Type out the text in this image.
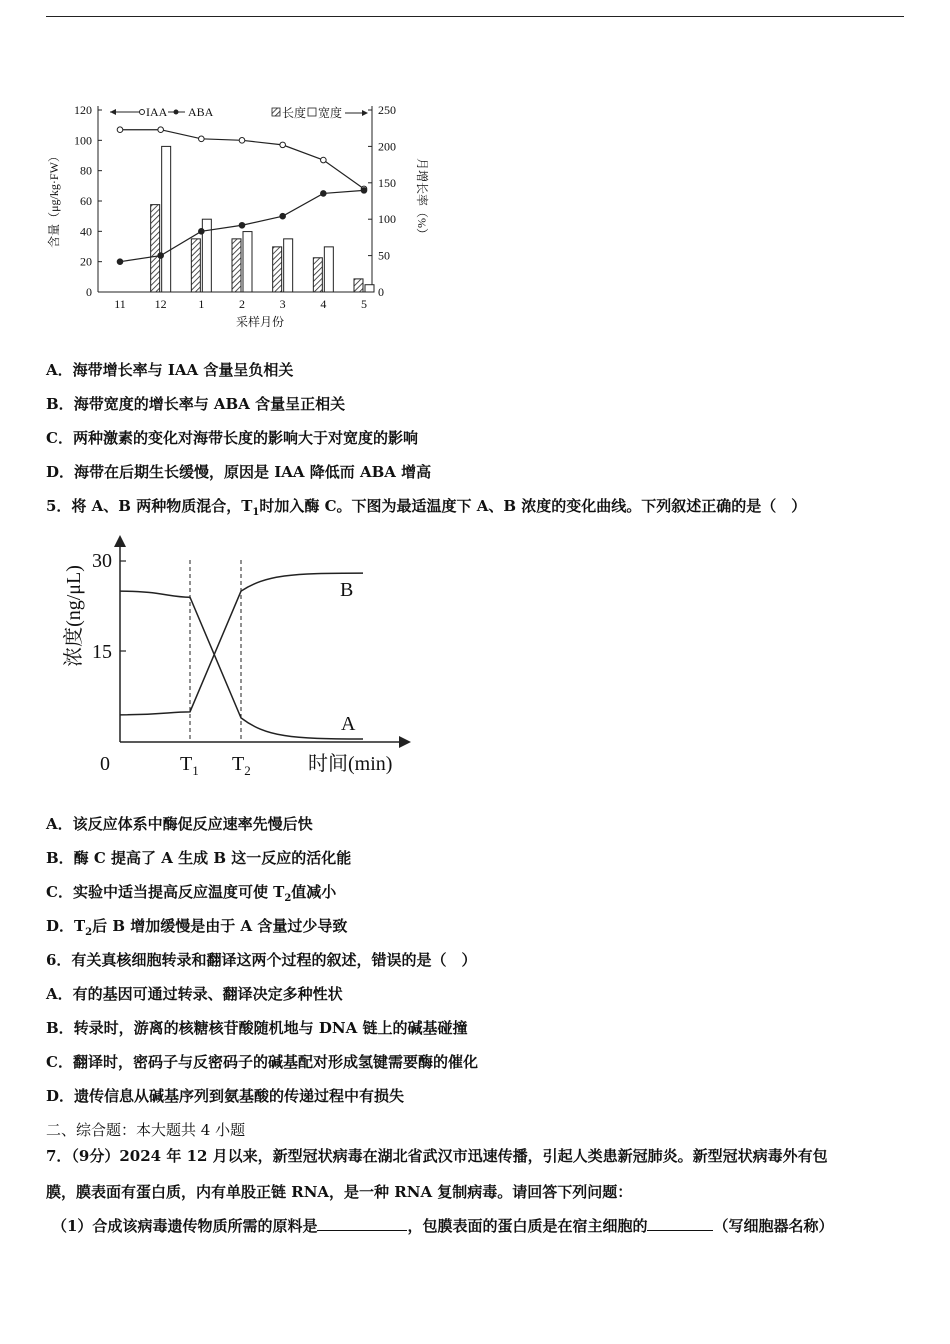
0
20
40
60
80
100
120
0
50
100
150
200
250
11 12	1	2	3	4	5
IAA ABA	长度 宽度
含量（μg/kg·FW）	月增长率（%）
采样月份
A．海带增长率与 IAA 含量呈负相关
B．海带宽度的增长率与 ABA 含量呈正相关
C．两种激素的变化对海带长度的影响大于对宽度的影响
D．海带在后期生长缓慢，原因是 IAA 降低而 ABA 增高
5．将 A、B 两种物质混合，$T_1$时加入酶 C。下图为最适温度下 A、B 浓度的变化曲线。下列叙述正确的是（　）
30
15
浓度(ng/μL)
0	$T_1$ $T_2$	时间(min)
B
A
A．该反应体系中酶促反应速率先慢后快
B．酶 C 提高了 A 生成 B 这一反应的活化能
C．实验中适当提高反应温度可使 $T_2$值减小
D．$T_2$后 B 增加缓慢是由于 A 含量过少导致
6．有关真核细胞转录和翻译这两个过程的叙述，错误的是（　）
A．有的基因可通过转录、翻译决定多种性状
B．转录时，游离的核糖核苷酸随机地与 DNA 链上的碱基碰撞
C．翻译时，密码子与反密码子的碱基配对形成氢键需要酶的催化
D．遗传信息从碱基序列到氨基酸的传递过程中有损失
二、综合题：本大题共 4 小题
7．（9分）2024 年 12 月以来，新型冠状病毒在湖北省武汉市迅速传播，引起人类患新冠肺炎。新型冠状病毒外有包
膜，膜表面有蛋白质，内有单股正链 RNA，是一种 RNA 复制病毒。请回答下列问题：
（1）合成该病毒遗传物质所需的原料是	，包膜表面的蛋白质是在宿主细胞的	（写细胞器名称）
